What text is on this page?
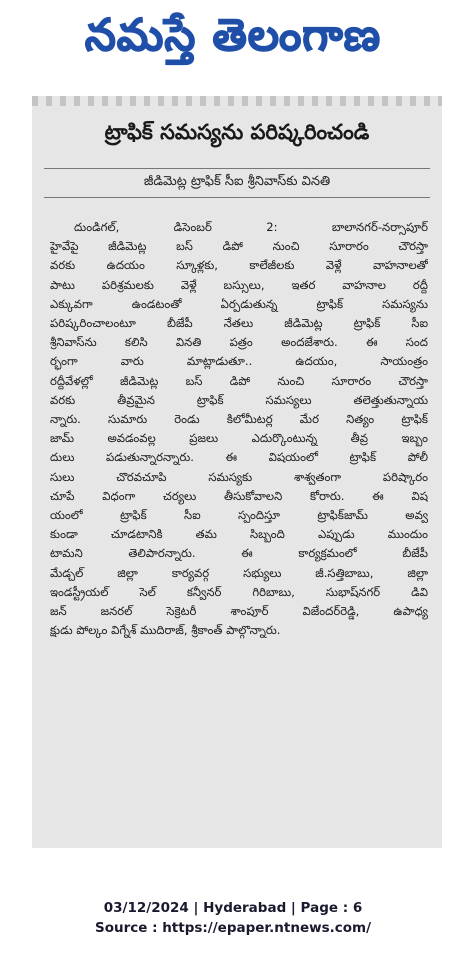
నమస్తే తెలంగాణ
ట్రాఫిక్ సమస్యను పరిష్కరించండి
జీడిమెట్ల ట్రాఫిక్ సీఐ శ్రీనివాస్‌కు వినతి
దుండిగల్, డిసెంబర్ 2: బాలానగర్-నర్సాపూర్
హైవేపై జీడిమెట్ల బస్ డిపో నుంచి సూరారం చౌరస్తా
వరకు ఉదయం స్కూళ్లకు, కాలేజీలకు వెళ్లే వాహనాలతో
పాటు పరిశ్రమలకు వెళ్లే బస్సులు, ఇతర వాహనాల రద్దీ
ఎక్కువగా ఉండటంతో ఏర్పడుతున్న ట్రాఫిక్ సమస్యను
పరిష్కరించాలంటూ బీజేపీ నేతలు జీడిమెట్ల ట్రాఫిక్ సీఐ
శ్రీనివాస్‌ను కలిసి వినతి పత్రం అందజేశారు. ఈ సంద
ర్భంగా వారు మాట్లాడుతూ.. ఉదయం, సాయంత్రం
రద్దీవేళల్లో జీడిమెట్ల బస్ డిపో నుంచి సూరారం చౌరస్తా
వరకు తీవ్రమైన ట్రాఫిక్ సమస్యలు తలెత్తుతున్నాయ
న్నారు. సుమారు రెండు కిలోమీటర్ల మేర నిత్యం ట్రాఫిక్
జామ్ అవడంవల్ల ప్రజలు ఎదుర్కొంటున్న తీవ్ర ఇబ్బం
దులు పడుతున్నారన్నారు. ఈ విషయంలో ట్రాఫిక్ పోలీ
సులు చొరవచూపి సమస్యకు శాశ్వతంగా పరిష్కారం
చూపే విధంగా చర్యలు తీసుకోవాలని కోరారు. ఈ విష
యంలో ట్రాఫిక్ సీఐ స్పందిస్తూ ట్రాఫిక్‌జామ్ అవ్వ
కుండా చూడటానికి తమ సిబ్బంది ఎప్పుడు ముందుం
టామని తెలిపారన్నారు. ఈ కార్యక్రమంలో బీజేపీ
మేడ్చల్ జిల్లా కార్యవర్గ సభ్యులు జీ.సత్తిబాబు, జిల్లా
ఇండస్ట్రీయల్ సెల్ కన్వీనర్ గిరిబాబు, సుభాష్‌నగర్ డివి
జన్ జనరల్ సెక్రెటరీ శాంపూర్ విజేందర్‌రెడ్డి, ఉపాధ్య
క్షుడు పోల్కం విగ్నేశ్ ముదిరాజ్, శ్రీకాంత్ పాల్గొన్నారు.
03/12/2024 | Hyderabad | Page : 6
Source : https://epaper.ntnews.com/
